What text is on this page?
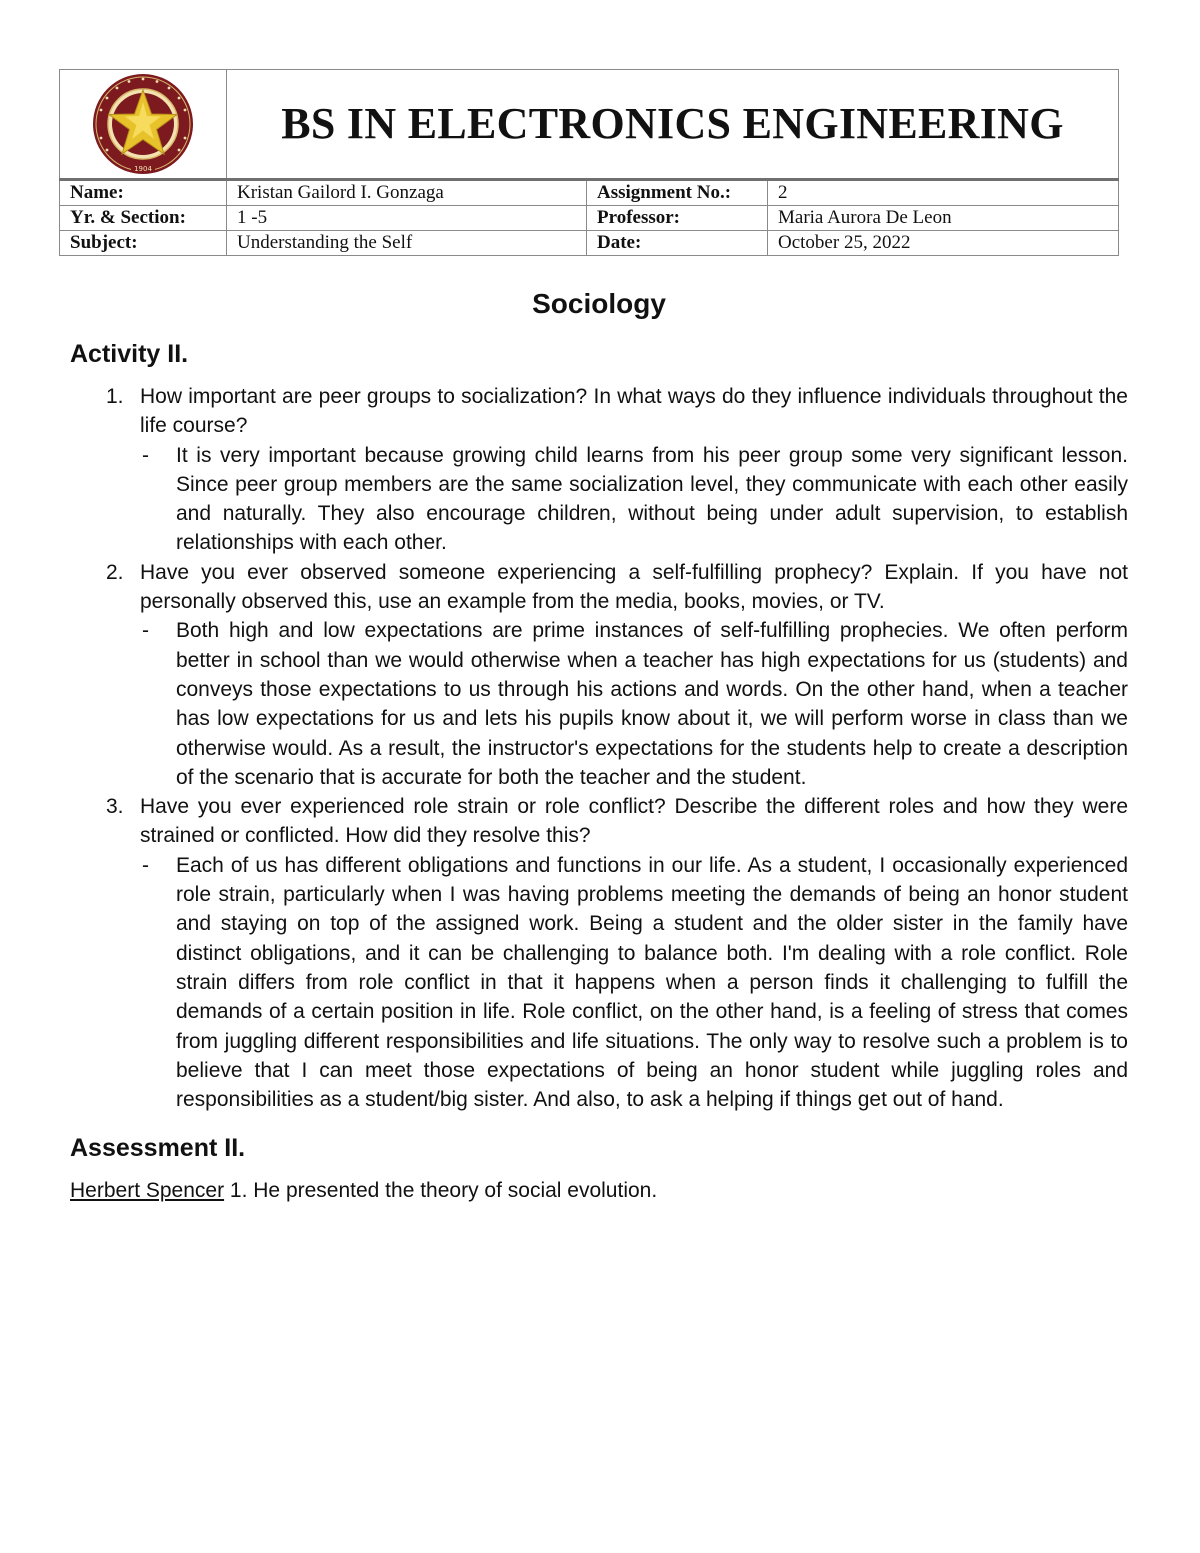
1904	BS IN ELECTRONICS ENGINEERING		
Name:	Kristan Gailord I. Gonzaga	Assignment No.:	2
Yr. & Section:	1 -5	Professor:	Maria Aurora De Leon
Subject:	Understanding the Self	Date:	October 25, 2022
Sociology
Activity II.
1. How important are peer groups to socialization? In what ways do they influence individuals throughout the life course?
- It is very important because growing child learns from his peer group some very significant lesson. Since peer group members are the same socialization level, they communicate with each other easily and naturally. They also encourage children, without being under adult supervision, to establish relationships with each other.
2. Have you ever observed someone experiencing a self-fulfilling prophecy? Explain. If you have not personally observed this, use an example from the media, books, movies, or TV.
- Both high and low expectations are prime instances of self-fulfilling prophecies. We often perform better in school than we would otherwise when a teacher has high expectations for us (students) and conveys those expectations to us through his actions and words. On the other hand, when a teacher has low expectations for us and lets his pupils know about it, we will perform worse in class than we otherwise would. As a result, the instructor's expectations for the students help to create a description of the scenario that is accurate for both the teacher and the student.
3. Have you ever experienced role strain or role conflict? Describe the different roles and how they were strained or conflicted. How did they resolve this?
- Each of us has different obligations and functions in our life. As a student, I occasionally experienced role strain, particularly when I was having problems meeting the demands of being an honor student and staying on top of the assigned work. Being a student and the older sister in the family have distinct obligations, and it can be challenging to balance both. I'm dealing with a role conflict. Role strain differs from role conflict in that it happens when a person finds it challenging to fulfill the demands of a certain position in life. Role conflict, on the other hand, is a feeling of stress that comes from juggling different responsibilities and life situations. The only way to resolve such a problem is to believe that I can meet those expectations of being an honor student while juggling roles and responsibilities as a student/big sister. And also, to ask a helping if things get out of hand.
Assessment II.
Herbert Spencer 1. He presented the theory of social evolution.
